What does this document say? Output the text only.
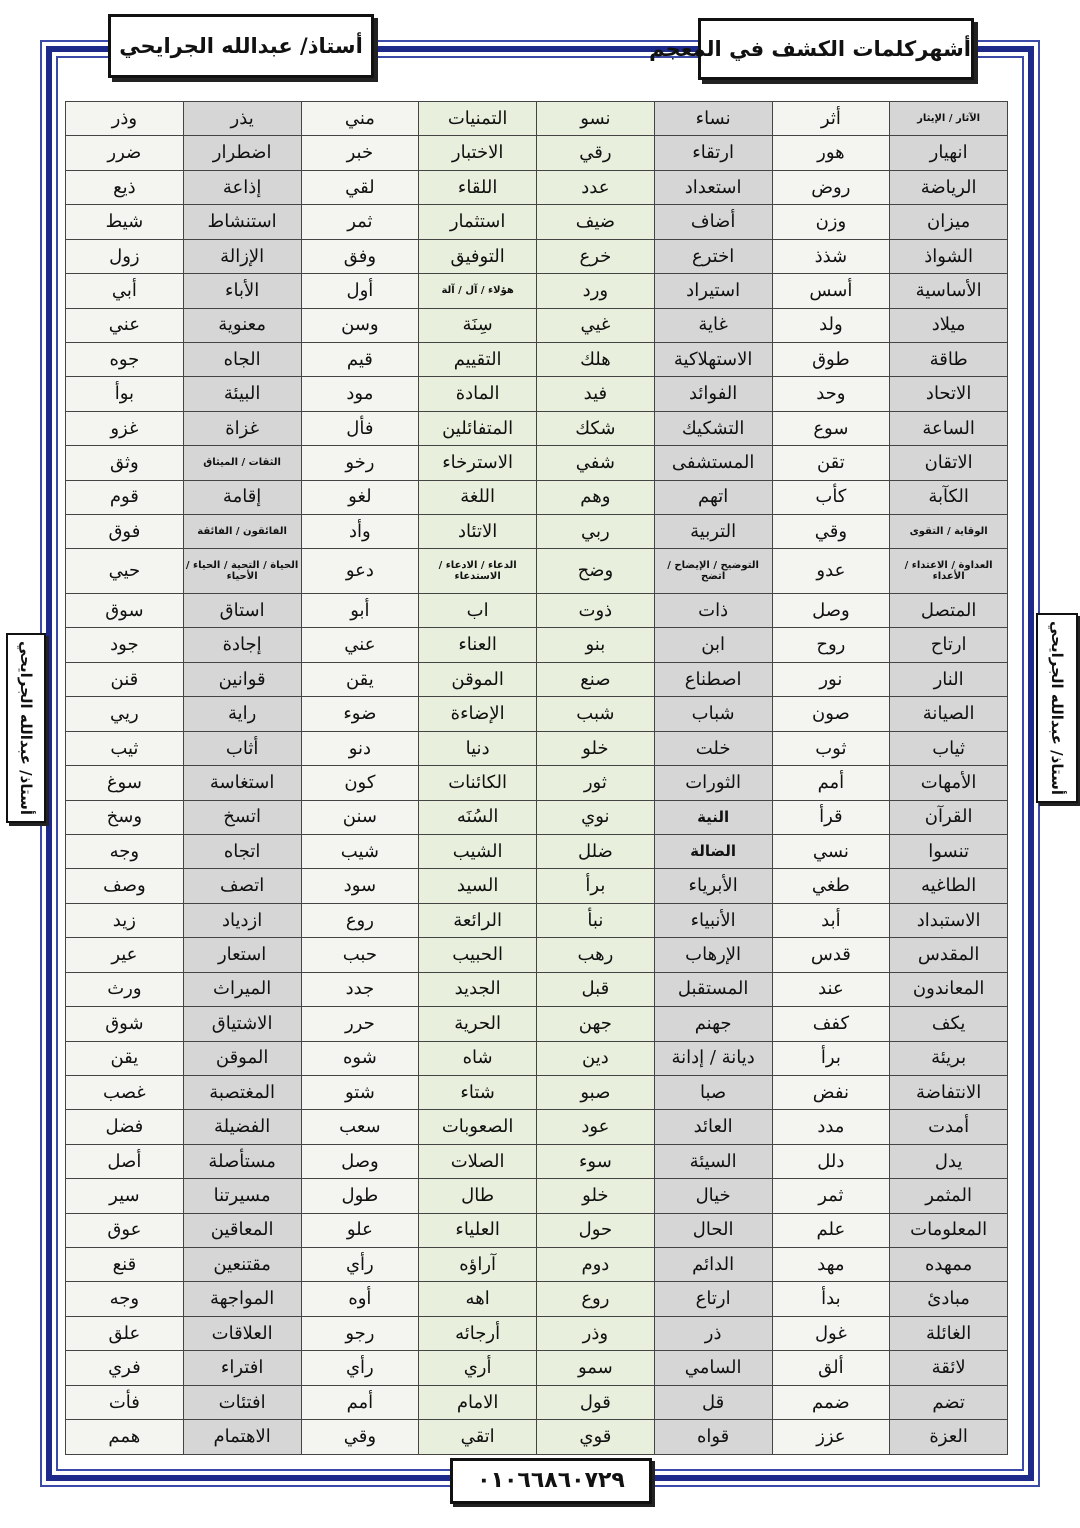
أشهركلمات الكشف في المعجم
أستاذ/ عبدالله الجرايحي
أستاذ/ عبدالله الجرايحي	أستاذ/ عبدالله الجرايحي
الآثار / الإيثار	أثر	نساء	نسو	التمنيات	مني	يذر	وذر
انهيار	هور	ارتقاء	رقي	الاختبار	خبر	اضطرار	ضرر
الرياضة	روض	استعداد	عدد	اللقاء	لقي	إذاعة	ذيع
ميزان	وزن	أضاف	ضيف	استثمار	ثمر	استنشاط	شيط
الشواذ	شذذ	اخترع	خرع	التوفيق	وفق	الإزالة	زول
الأساسية	أسس	استيراد	ورد	هؤلاء / آل / آلة	أول	الأباء	أبي
ميلاد	ولد	غاية	غيي	سِنَة	وسن	معنوية	عني
طاقة	طوق	الاستهلاكية	هلك	التقييم	قيم	الجاه	جوه
الاتحاد	وحد	الفوائد	فيد	المادة	مود	البيئة	بوأ
الساعة	سوع	التشكيك	شكك	المتفائلين	فأل	غزاة	غزو
الاتقان	تقن	المستشفى	شفي	الاسترخاء	رخو	الثقات / الميثاق	وثق
الكآبة	كأب	اتهم	وهم	اللغة	لغو	إقامة	قوم
الوقاية / التقوى	وقي	التربية	ربي	الاتئاد	وأد	الفائقون / الفائقة	فوق
العداوة / الاعتداء / الأعداء	عدو	التوضيح / الإيضاح / اتضح	وضح	الدعاء / الادعاء / الاستدعاء	دعو	الحياة / التحية / الحياء / الأحياء	حيي
المتصل	وصل	ذات	ذوت	اب	أبو	استاق	سوق
ارتاح	روح	ابن	بنو	العناء	عني	إجادة	جود
النار	نور	اصطناع	صنع	الموقن	يقن	قوانين	قنن
الصيانة	صون	شباب	شبب	الإضاءة	ضوء	راية	ريي
ثياب	ثوب	خلت	خلو	دنيا	دنو	أثاب	ثيب
الأمهات	أمم	الثورات	ثور	الكائنات	كون	استغاسة	سوغ
القرآن	قرأ	النية	نوي	السُنَه	سنن	اتسخ	وسخ
تنسوا	نسي	الضالة	ضلل	الشيب	شيب	اتجاه	وجه
الطاغيه	طغي	الأبرياء	برأ	السيد	سود	اتصف	وصف
الاستبداد	أبد	الأنبياء	نبأ	الرائعة	روع	ازدياد	زيد
المقدس	قدس	الإرهاب	رهب	الحبيب	حبب	استعار	عير
المعاندون	عند	المستقبل	قبل	الجديد	جدد	الميراث	ورث
يكف	كفف	جهنم	جهن	الحرية	حرر	الاشتياق	شوق
بريئة	برأ	ديانة / إدانة	دين	شاه	شوه	الموقن	يقن
الانتفاضة	نفض	صبا	صبو	شتاء	شتو	المغتصبة	غصب
أمدت	مدد	العائد	عود	الصعوبات	سعب	الفضيلة	فضل
يدل	دلل	السيئة	سوء	الصلات	وصل	مستأصلة	أصل
المثمر	ثمر	خيال	خلو	طال	طول	مسيرتنا	سير
المعلومات	علم	الحال	حول	العلياء	علو	المعاقين	عوق
ممهده	مهد	الدائم	دوم	آراؤه	رأي	مقتنعين	قنع
مبادئ	بدأ	ارتاع	روع	اهه	أوه	المواجهة	وجه
الغائلة	غول	ذر	وذر	أرجائه	رجو	العلاقات	علق
لائقة	ألق	السامي	سمو	أري	رأي	افتراء	فري
تضم	ضمم	قل	قول	الامام	أمم	افتئات	فأت
العزة	عزز	قواه	قوي	اتقي	وقي	الاهتمام	همم
٠١٠٦٦٨٦٠٧٢٩
